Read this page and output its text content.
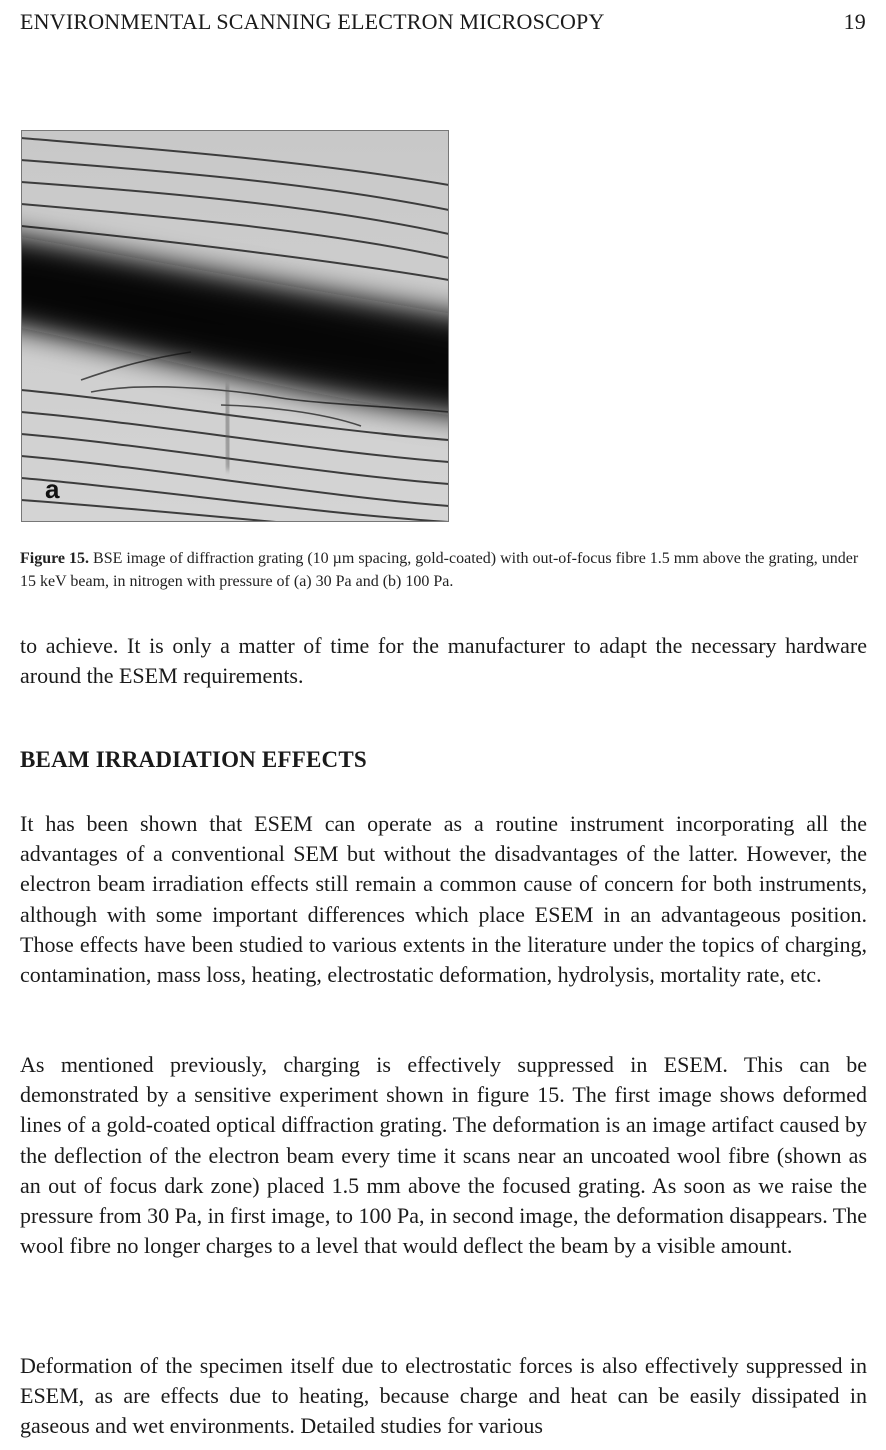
ENVIRONMENTAL SCANNING ELECTRON MICROSCOPY	19
a
Figure 15. BSE image of diffraction grating (10 µm spacing, gold-coated) with out-of-focus fibre 1.5 mm above the grating, under 15 keV beam, in nitrogen with pressure of (a) 30 Pa and (b) 100 Pa.
to achieve. It is only a matter of time for the manufacturer to adapt the necessary hardware around the ESEM requirements.
BEAM IRRADIATION EFFECTS
It has been shown that ESEM can operate as a routine instrument incorporating all the advantages of a conventional SEM but without the disadvantages of the latter. However, the electron beam irradiation effects still remain a common cause of concern for both instruments, although with some important differences which place ESEM in an advantageous position. Those effects have been studied to various extents in the literature under the topics of charging, contamination, mass loss, heating, electrostatic deformation, hydrolysis, mortality rate, etc.
As mentioned previously, charging is effectively suppressed in ESEM. This can be demonstrated by a sensitive experiment shown in figure 15. The first image shows deformed lines of a gold-coated optical diffraction grating. The deformation is an image artifact caused by the deflection of the electron beam every time it scans near an uncoated wool fibre (shown as an out of focus dark zone) placed 1.5 mm above the focused grating. As soon as we raise the pressure from 30 Pa, in first image, to 100 Pa, in second image, the deformation disappears. The wool fibre no longer charges to a level that would deflect the beam by a visible amount.
Deformation of the specimen itself due to electrostatic forces is also effectively suppressed in ESEM, as are effects due to heating, because charge and heat can be easily dissipated in gaseous and wet environments. Detailed studies for various
